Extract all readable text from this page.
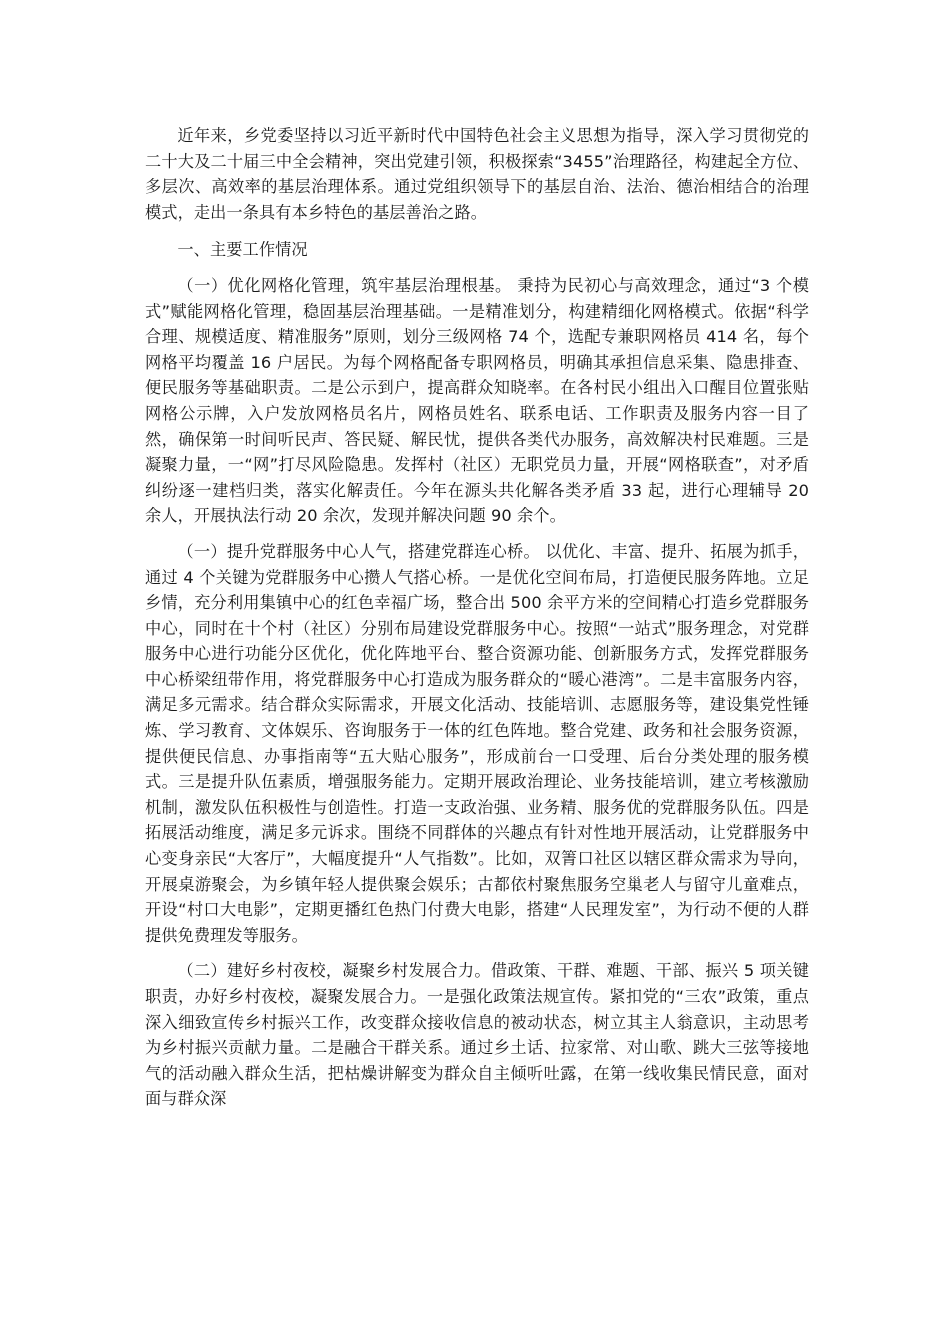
近年来，乡党委坚持以习近平新时代中国特色社会主义思想为指导，深入学习贯彻党的二十大及二十届三中全会精神，突出党建引领，积极探索“3455”治理路径，构建起全方位、多层次、高效率的基层治理体系。通过党组织领导下的基层自治、法治、德治相结合的治理模式，走出一条具有本乡特色的基层善治之路。

一、主要工作情况

（一）优化网格化管理，筑牢基层治理根基。 秉持为民初心与高效理念，通过“3 个模式”赋能网格化管理，稳固基层治理基础。一是精准划分，构建精细化网格模式。依据“科学合理、规模适度、精准服务”原则，划分三级网格 74 个，选配专兼职网格员 414 名，每个网格平均覆盖 16 户居民。为每个网格配备专职网格员，明确其承担信息采集、隐患排查、便民服务等基础职责。二是公示到户，提高群众知晓率。在各村民小组出入口醒目位置张贴网格公示牌，入户发放网格员名片，网格员姓名、联系电话、工作职责及服务内容一目了然，确保第一时间听民声、答民疑、解民忧，提供各类代办服务，高效解决村民难题。三是凝聚力量，一“网”打尽风险隐患。发挥村（社区）无职党员力量，开展“网格联查”，对矛盾纠纷逐一建档归类，落实化解责任。今年在源头共化解各类矛盾 33 起，进行心理辅导 20 余人，开展执法行动 20 余次，发现并解决问题 90 余个。

（一）提升党群服务中心人气，搭建党群连心桥。 以优化、丰富、提升、拓展为抓手，通过 4 个关键为党群服务中心攒人气搭心桥。一是优化空间布局，打造便民服务阵地。立足乡情，充分利用集镇中心的红色幸福广场，整合出 500 余平方米的空间精心打造乡党群服务中心，同时在十个村（社区）分别布局建设党群服务中心。按照“一站式”服务理念，对党群服务中心进行功能分区优化，优化阵地平台、整合资源功能、创新服务方式，发挥党群服务中心桥梁纽带作用，将党群服务中心打造成为服务群众的“暖心港湾”。二是丰富服务内容，满足多元需求。结合群众实际需求，开展文化活动、技能培训、志愿服务等，建设集党性锤炼、学习教育、文体娱乐、咨询服务于一体的红色阵地。整合党建、政务和社会服务资源，提供便民信息、办事指南等“五大贴心服务”，形成前台一口受理、后台分类处理的服务模式。三是提升队伍素质，增强服务能力。定期开展政治理论、业务技能培训，建立考核激励机制，激发队伍积极性与创造性。打造一支政治强、业务精、服务优的党群服务队伍。四是拓展活动维度，满足多元诉求。围绕不同群体的兴趣点有针对性地开展活动，让党群服务中心变身亲民“大客厅”，大幅度提升“人气指数”。比如，双箐口社区以辖区群众需求为导向，开展桌游聚会，为乡镇年轻人提供聚会娱乐；古都依村聚焦服务空巢老人与留守儿童难点，开设“村口大电影”，定期更播红色热门付费大电影，搭建“人民理发室”，为行动不便的人群提供免费理发等服务。

（二）建好乡村夜校，凝聚乡村发展合力。借政策、干群、难题、干部、振兴 5 项关键职责，办好乡村夜校，凝聚发展合力。一是强化政策法规宣传。紧扣党的“三农”政策，重点深入细致宣传乡村振兴工作，改变群众接收信息的被动状态，树立其主人翁意识，主动思考为乡村振兴贡献力量。二是融合干群关系。通过乡土话、拉家常、对山歌、跳大三弦等接地气的活动融入群众生活，把枯燥讲解变为群众自主倾听吐露，在第一线收集民情民意，面对面与群众深
